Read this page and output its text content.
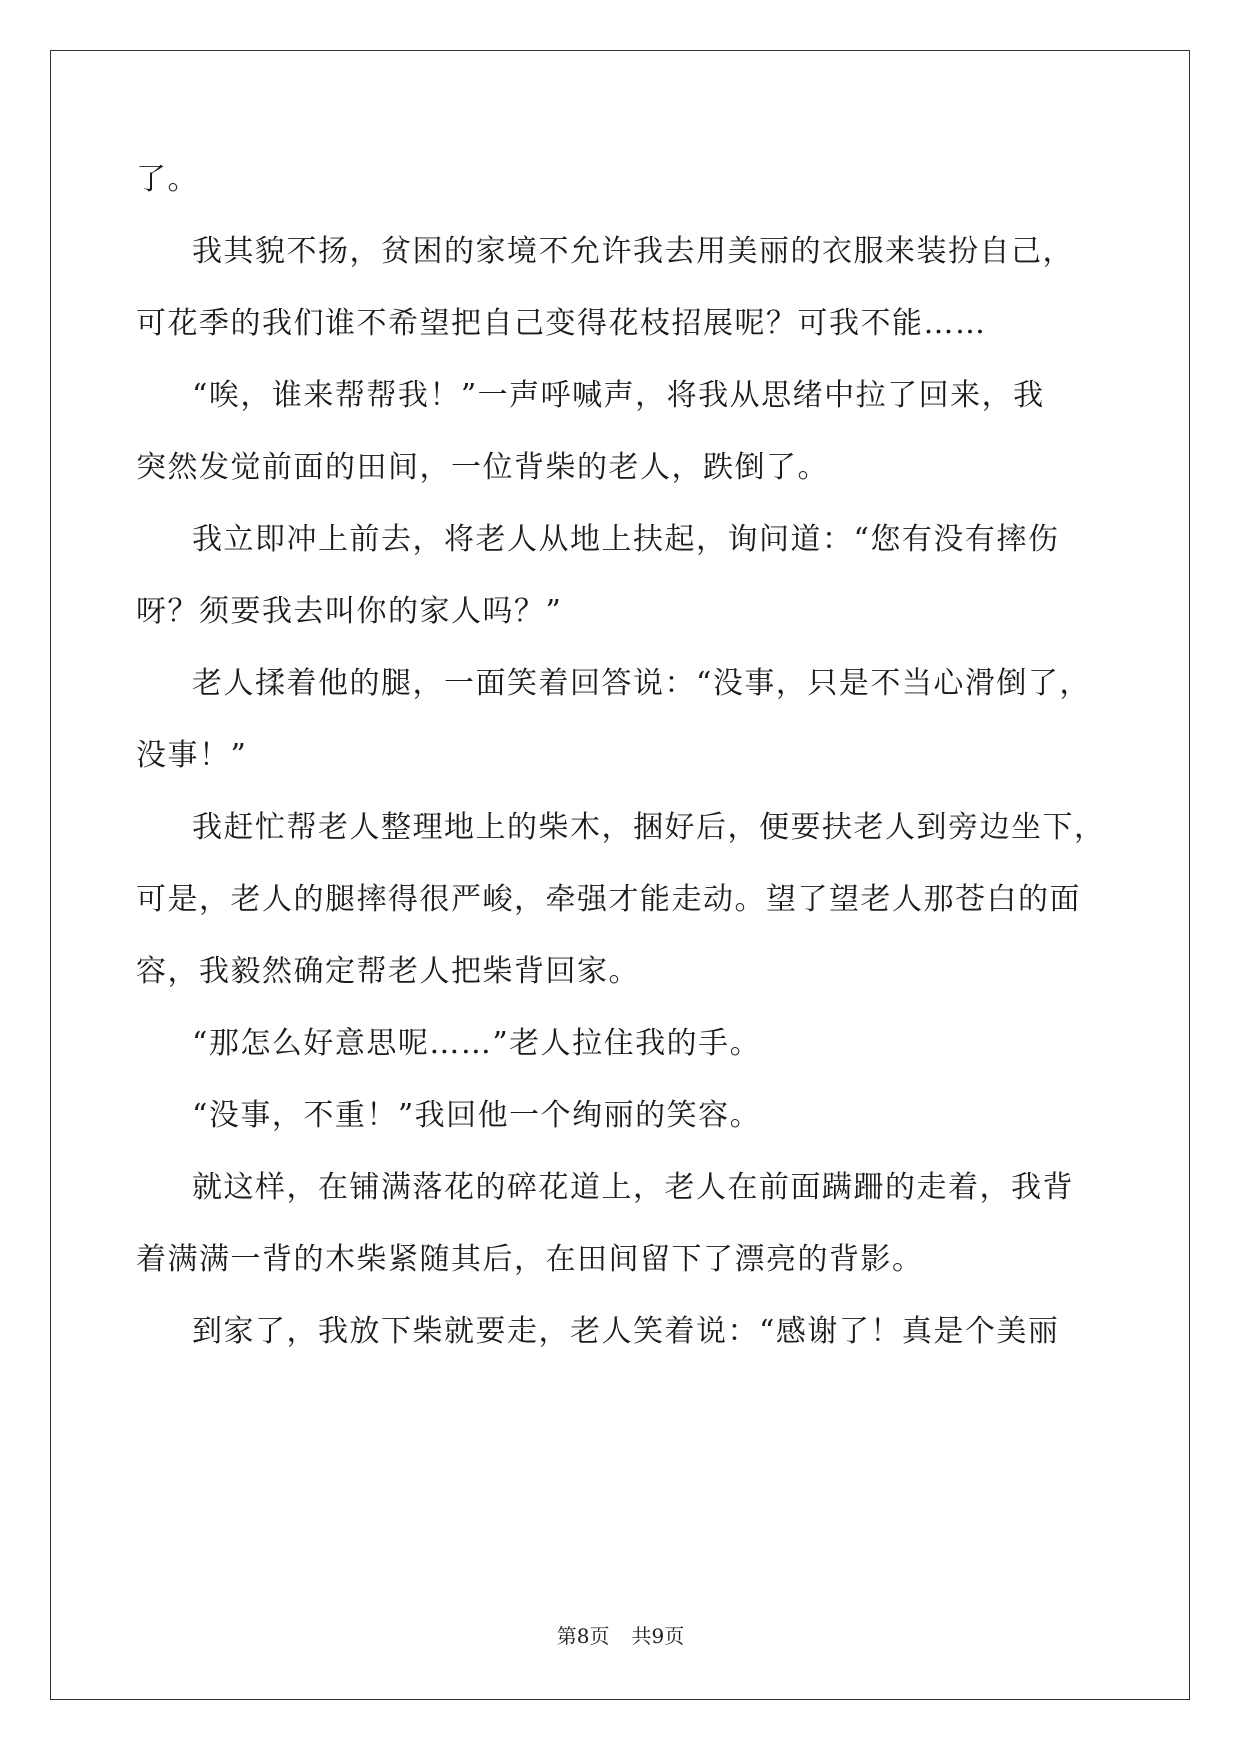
了。
我其貌不扬，贫困的家境不允许我去用美丽的衣服来装扮自己，
可花季的我们谁不希望把自己变得花枝招展呢？可我不能……
“唉，谁来帮帮我！”一声呼喊声，将我从思绪中拉了回来，我
突然发觉前面的田间，一位背柴的老人，跌倒了。
我立即冲上前去，将老人从地上扶起，询问道：“您有没有摔伤
呀？须要我去叫你的家人吗？”
老人揉着他的腿，一面笑着回答说：“没事，只是不当心滑倒了，
没事！”
我赶忙帮老人整理地上的柴木，捆好后，便要扶老人到旁边坐下，
可是，老人的腿摔得很严峻，牵强才能走动。望了望老人那苍白的面
容，我毅然确定帮老人把柴背回家。
“那怎么好意思呢……”老人拉住我的手。
“没事，不重！”我回他一个绚丽的笑容。
就这样，在铺满落花的碎花道上，老人在前面蹒跚的走着，我背
着满满一背的木柴紧随其后，在田间留下了漂亮的背影。
到家了，我放下柴就要走，老人笑着说：“感谢了！真是个美丽
第8页 共9页
